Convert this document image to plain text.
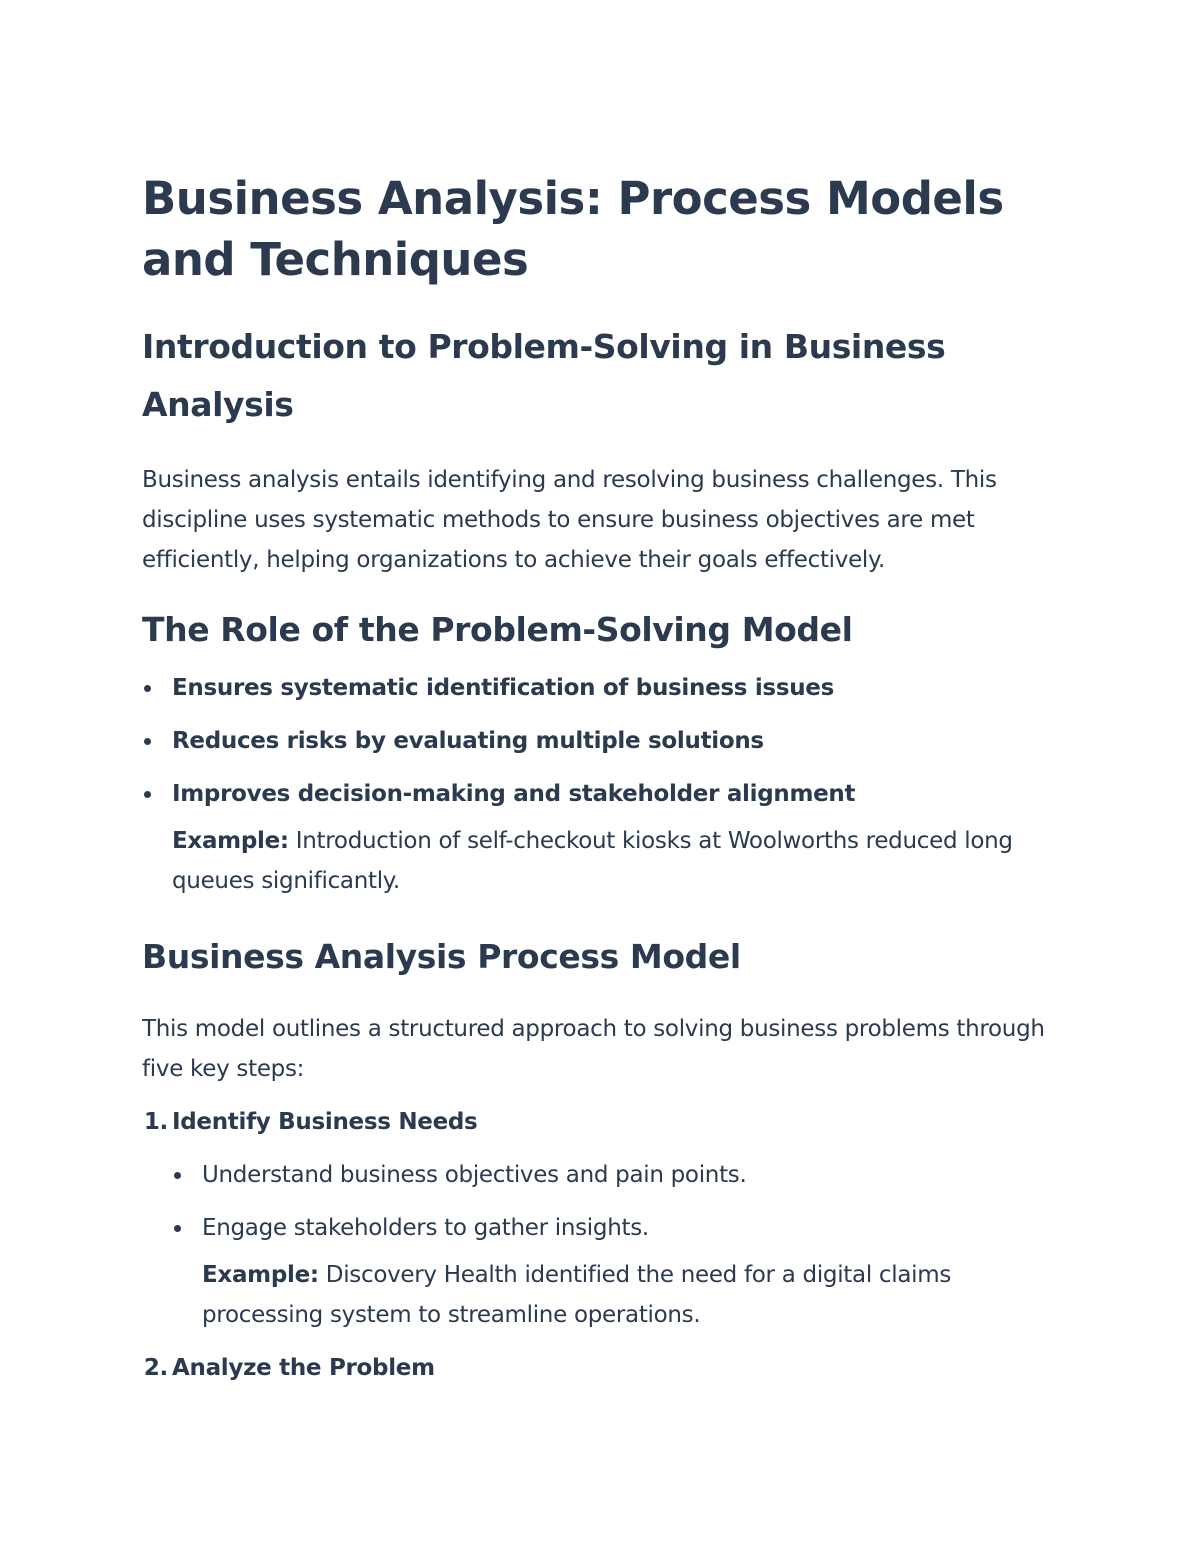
Business Analysis: Process Models and Techniques
Introduction to Problem-Solving in Business Analysis

Business analysis entails identifying and resolving business challenges. This discipline uses systematic methods to ensure business objectives are met efficiently, helping organizations to achieve their goals effectively.

The Role of the Problem-Solving Model
Ensures systematic identification of business issues
Reduces risks by evaluating multiple solutions
Improves decision-making and stakeholder alignment
Example: Introduction of self-checkout kiosks at Woolworths reduced long queues significantly.
Business Analysis Process Model

This model outlines a structured approach to solving business problems through five key steps:

1. Identify Business Needs
Understand business objectives and pain points.
Engage stakeholders to gather insights.
Example: Discovery Health identified the need for a digital claims processing system to streamline operations.
2. Analyze the Problem
